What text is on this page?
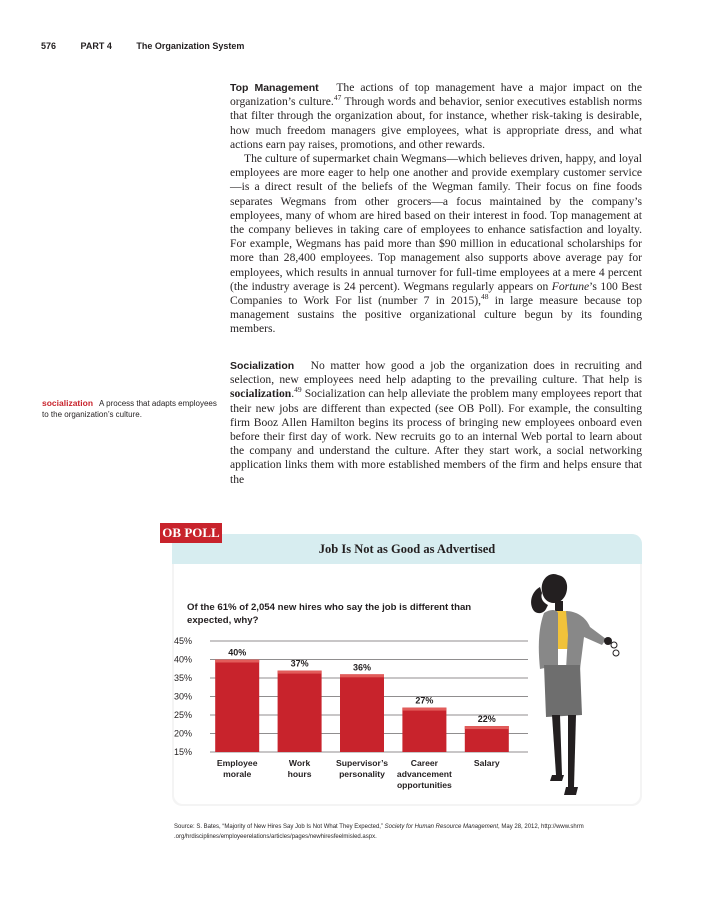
576	PART 4	The Organization System

Top Management The actions of top management have a major impact on the organization’s culture.$^{47}$ Through words and behavior, senior executives establish norms that filter through the organization about, for instance, whether risk-taking is desirable, how much freedom managers give employees, what is appropriate dress, and what actions earn pay raises, promotions, and other rewards.

The culture of supermarket chain Wegmans—which believes driven, happy, and loyal employees are more eager to help one another and provide exemplary customer service—is a direct result of the beliefs of the Wegman family. Their focus on fine foods separates Wegmans from other grocers—a focus maintained by the company’s employees, many of whom are hired based on their interest in food. Top management at the company believes in taking care of employees to enhance satisfaction and loyalty. For example, Wegmans has paid more than $90 million in educational scholarships for more than 28,400 employees. Top management also supports above average pay for employees, which results in annual turnover for full-time employees at a mere 4 percent (the industry average is 24 percent). Wegmans regularly appears on Fortune’s 100 Best Companies to Work For list (number 7 in 2015),$^{48}$ in large measure because top management sustains the positive organizational culture begun by its founding members.

Socialization No matter how good a job the organization does in recruiting and selection, new employees need help adapting to the prevailing culture. That help is socialization.$^{49}$ Socialization can help alleviate the problem many employees report that their new jobs are different than expected (see OB Poll). For example, the consulting firm Booz Allen Hamilton begins its process of bringing new employees onboard even before their first day of work. New recruits go to an internal Web portal to learn about the company and understand the culture. After they start work, a social networking application links them with more established members of the firm and helps ensure that the

socialization A process that adapts employees to the organization’s culture.
Job Is Not as Good as Advertised
OB POLL
Of the 61% of 2,054 new hires who say the job is different than expected, why?
15%
20%
25%
30%
35%
40%
45%
40%
Employee
morale
37%
Work
hours
36%
Supervisor’s
personality
27%
Career
advancement
opportunities
22%
Salary
Source: S. Bates, “Majority of New Hires Say Job Is Not What They Expected,” Society for Human Resource Management, May 28, 2012, http://www.shrm .org/hrdisciplines/employeerelations/articles/pages/newhiresfeelmisled.aspx.
